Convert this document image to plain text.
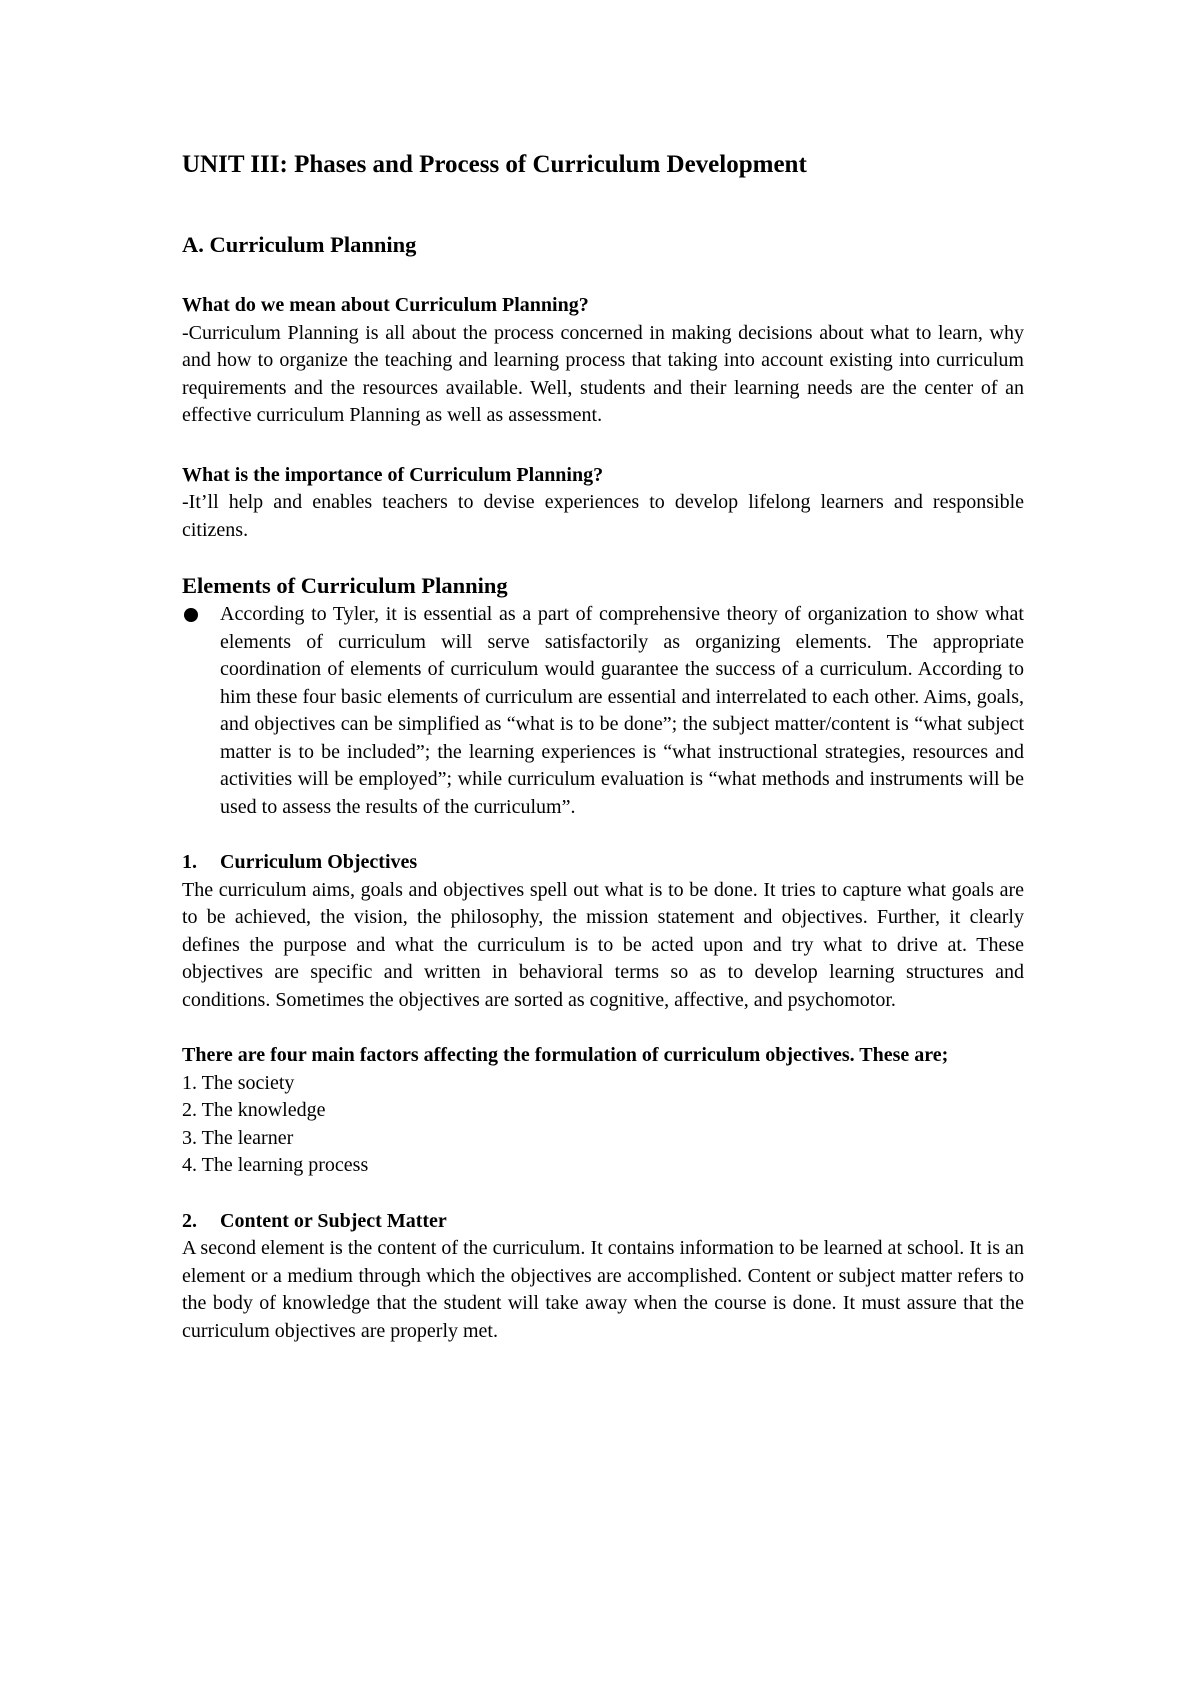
UNIT III: Phases and Process of Curriculum Development
A. Curriculum Planning
What do we mean about Curriculum Planning?

-Curriculum Planning is all about the process concerned in making decisions about what to learn, why and how to organize the teaching and learning process that taking into account existing into curriculum requirements and the resources available. Well, students and their learning needs are the center of an effective curriculum Planning as well as assessment.

What is the importance of Curriculum Planning?

-It’ll help and enables teachers to devise experiences to develop lifelong learners and responsible citizens.

Elements of Curriculum Planning
According to Tyler, it is essential as a part of comprehensive theory of organization to show what elements of curriculum will serve satisfactorily as organizing elements. The appropriate coordination of elements of curriculum would guarantee the success of a curriculum. According to him these four basic elements of curriculum are essential and interrelated to each other. Aims, goals, and objectives can be simplified as “what is to be done”; the subject matter/content is “what subject matter is to be included”; the learning experiences is “what instructional strategies, resources and activities will be employed”; while curriculum evaluation is “what methods and instruments will be used to assess the results of the curriculum”.
1.	Curriculum Objectives

The curriculum aims, goals and objectives spell out what is to be done. It tries to capture what goals are to be achieved, the vision, the philosophy, the mission statement and objectives. Further, it clearly defines the purpose and what the curriculum is to be acted upon and try what to drive at. These objectives are specific and written in behavioral terms so as to develop learning structures and conditions. Sometimes the objectives are sorted as cognitive, affective, and psychomotor.

There are four main factors affecting the formulation of curriculum objectives. These are;
1. The society
2. The knowledge
3. The learner
4. The learning process
2.	Content or Subject Matter

A second element is the content of the curriculum. It contains information to be learned at school. It is an element or a medium through which the objectives are accomplished. Content or subject matter refers to the body of knowledge that the student will take away when the course is done. It must assure that the curriculum objectives are properly met.
